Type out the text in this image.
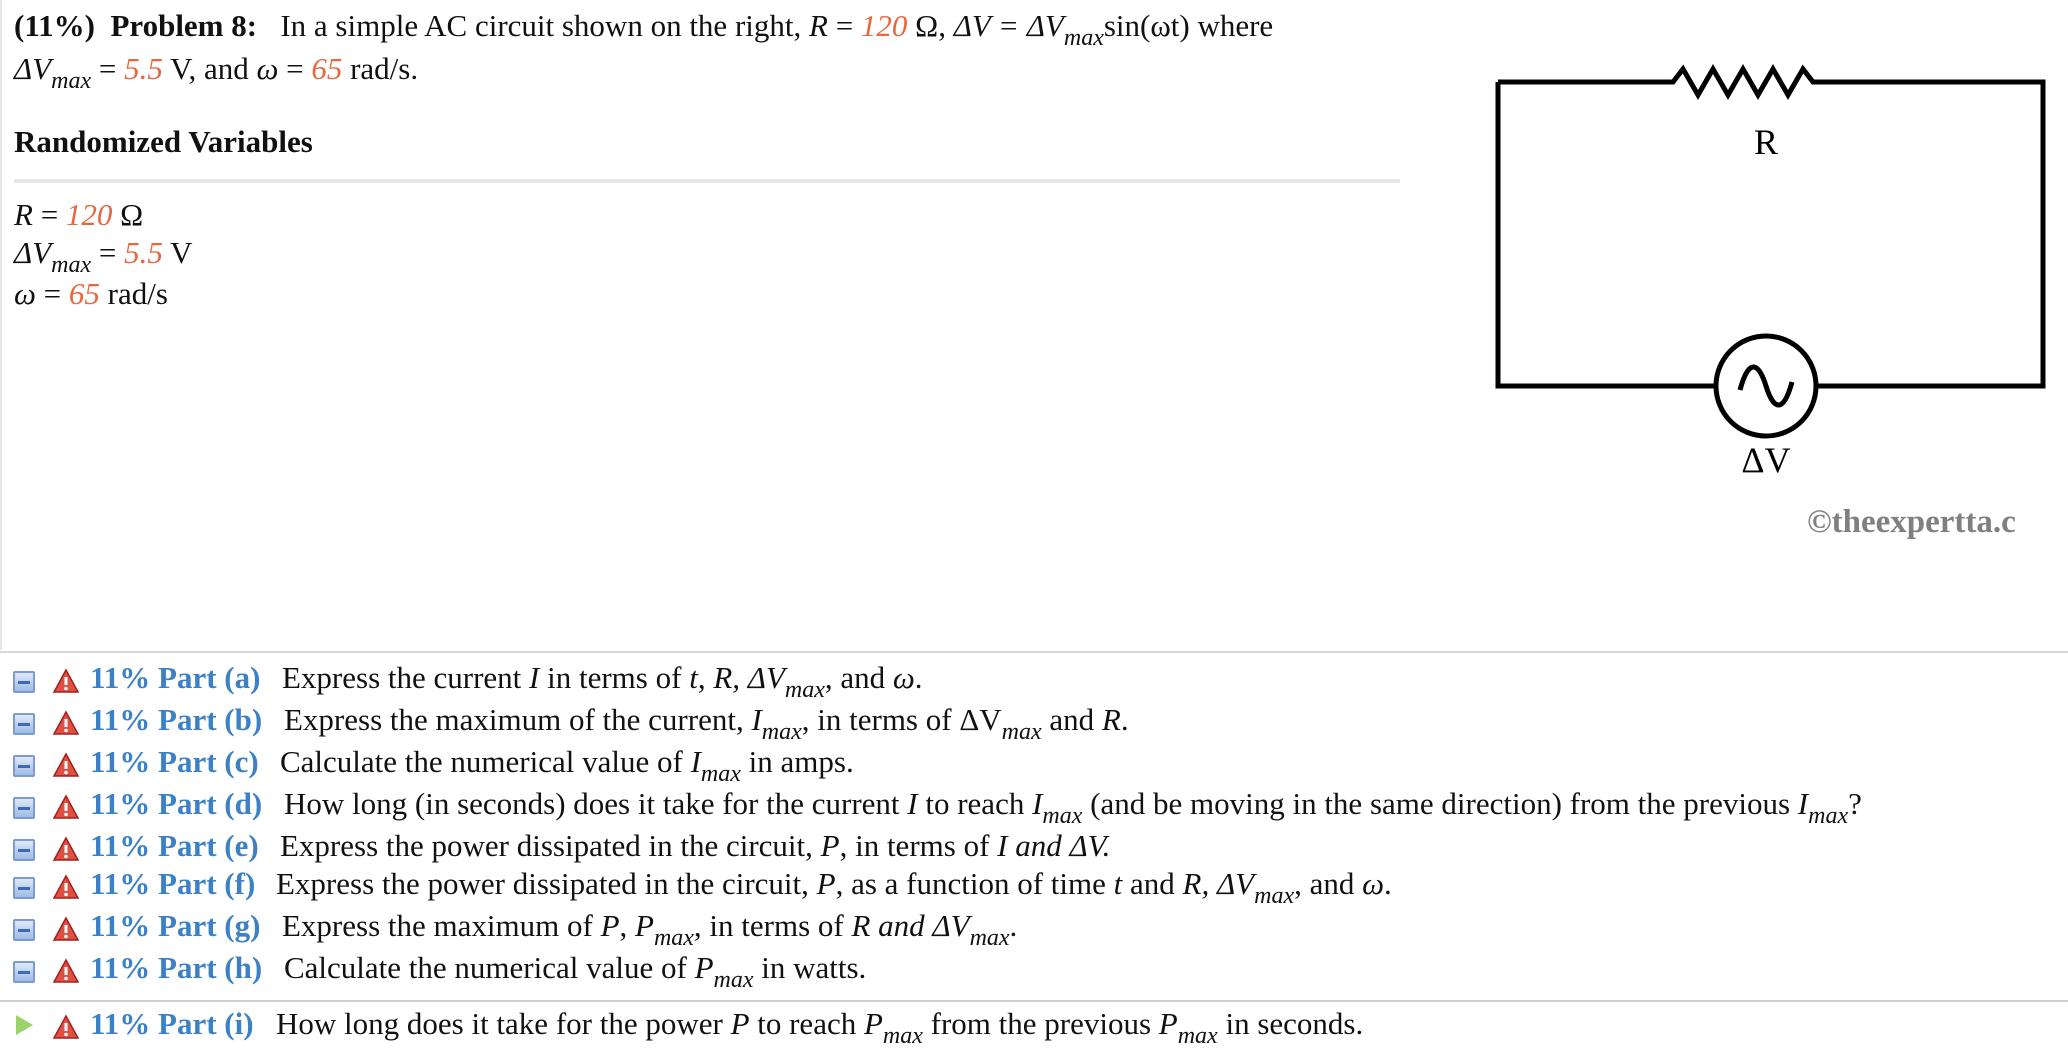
(11%) Problem 8: In a simple AC circuit shown on the right, R = 120 Ω, $\Delta V = \Delta V_{max}\sin(\omega t)$ where
$\Delta V_{max} = 5.5$ V, and ω = 65 rad/s.
Randomized Variables
R = 120 Ω
$\Delta V_{max} = 5.5$ V
ω = 65 rad/s
R
ΔV
©theexpertta.c
11% Part (a) Express the current I in terms of t, R, $\Delta V_{max}$, and ω.
11% Part (b) Express the maximum of the current, $I_{max}$, in terms of $\Delta V_{max}$ and R.
11% Part (c) Calculate the numerical value of $I_{max}$ in amps.
11% Part (d) How long (in seconds) does it take for the current I to reach $I_{max}$ (and be moving in the same direction) from the previous $I_{max}$?
11% Part (e) Express the power dissipated in the circuit, P, in terms of I and ΔV.
11% Part (f) Express the power dissipated in the circuit, P, as a function of time t and R, $\Delta V_{max}$, and ω.
11% Part (g) Express the maximum of P, $P_{max}$, in terms of R and $\Delta V_{max}$.
11% Part (h) Calculate the numerical value of $P_{max}$ in watts.
11% Part (i) How long does it take for the power P to reach $P_{max}$ from the previous $P_{max}$ in seconds.
